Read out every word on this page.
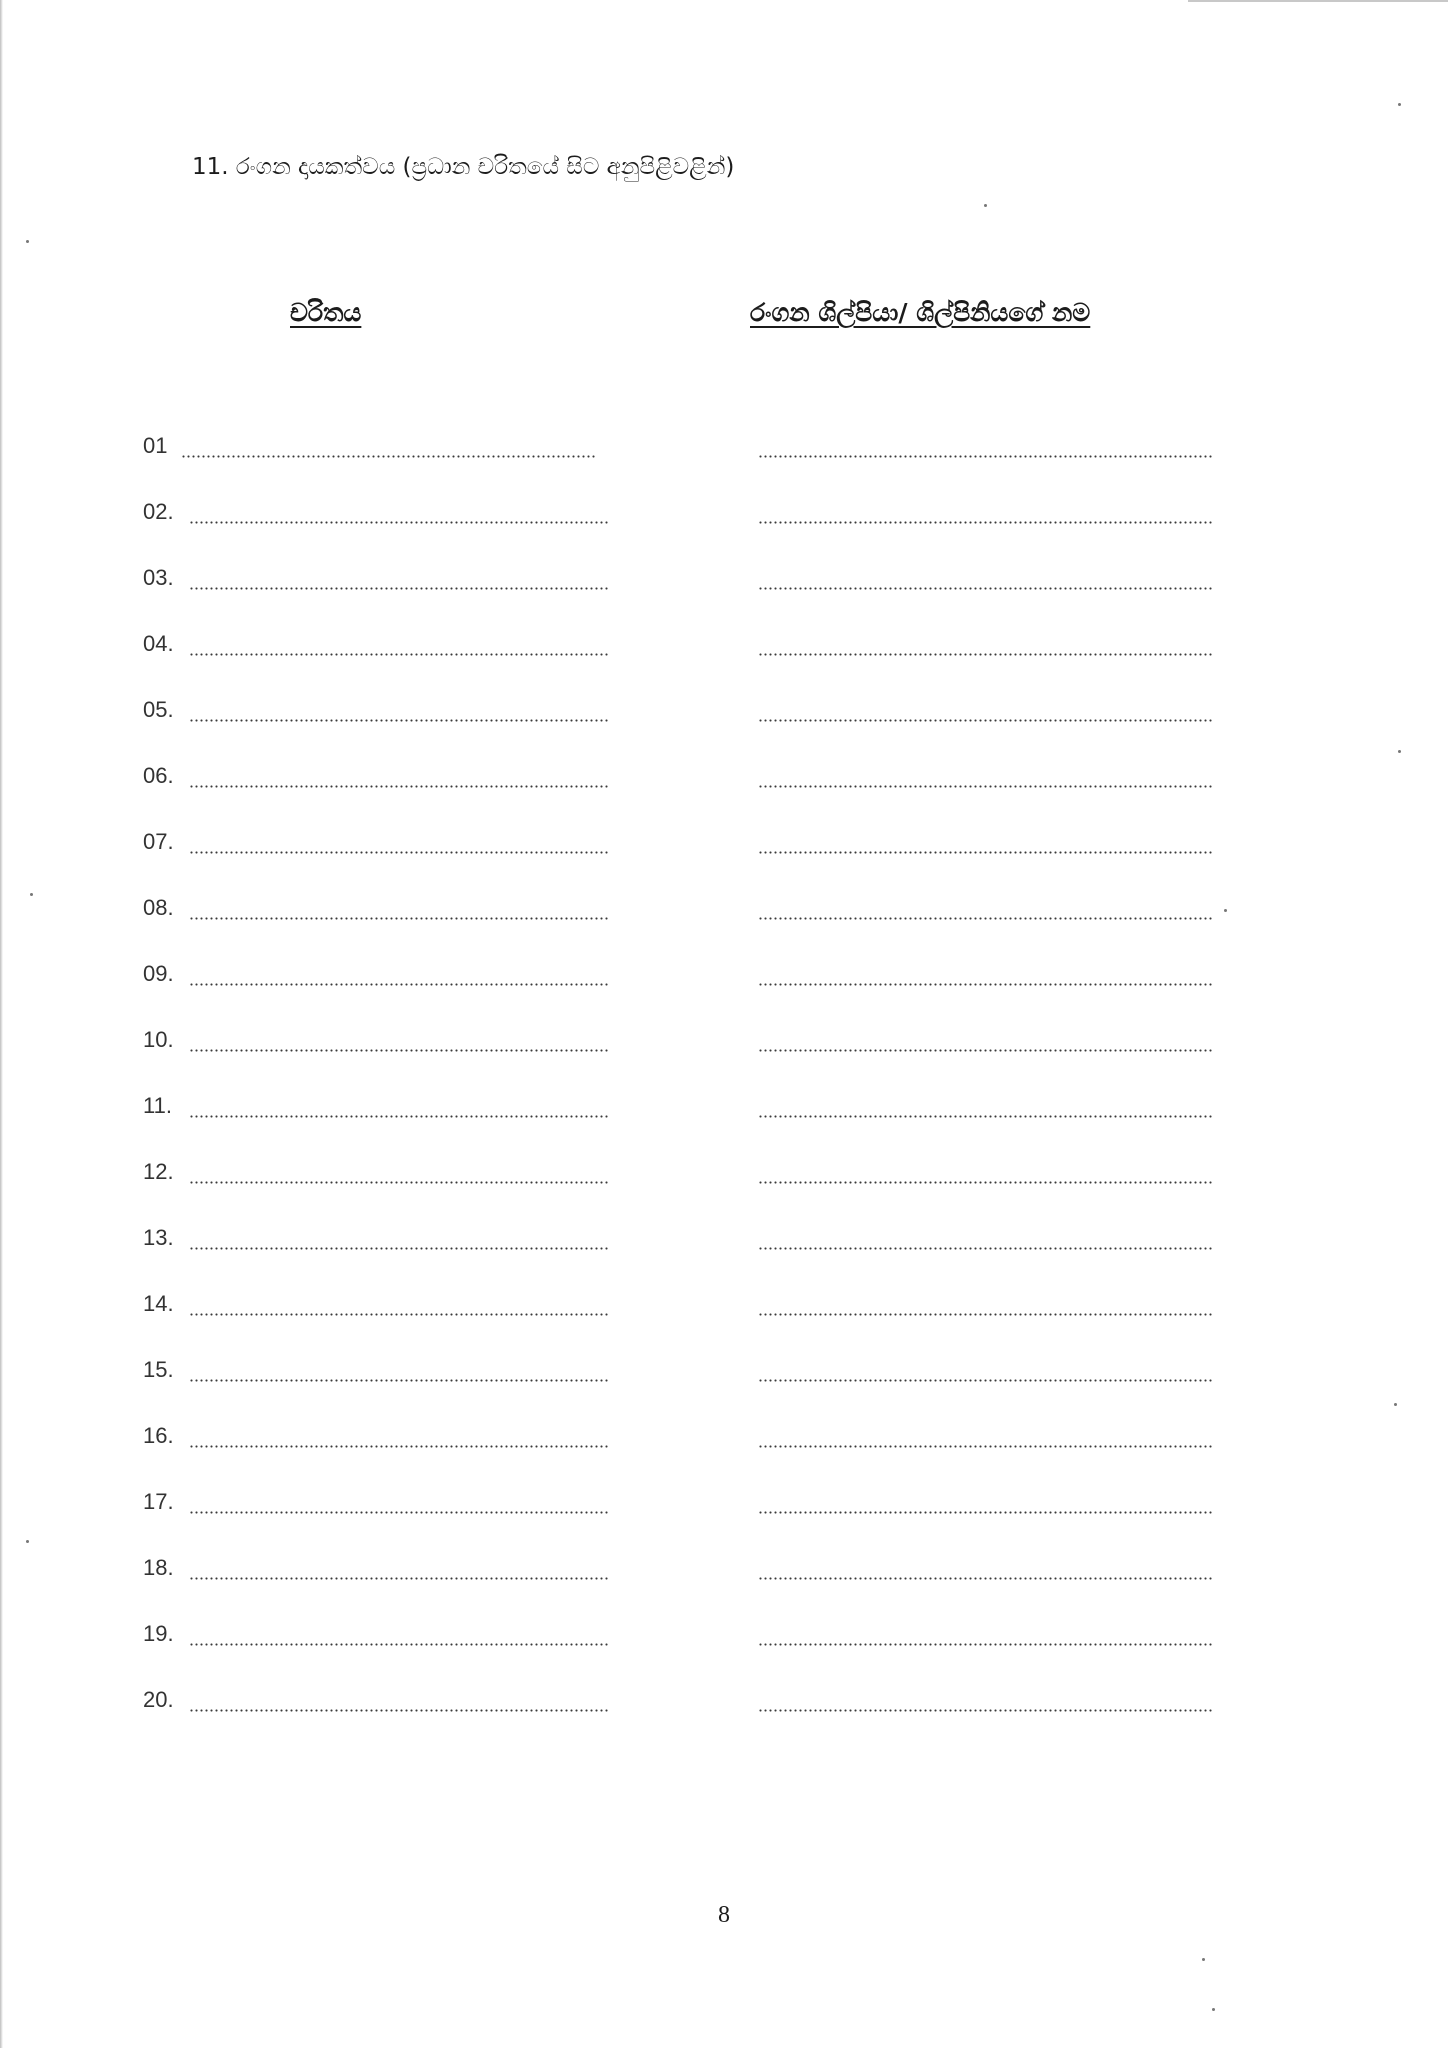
11. රංගන දායකත්වය (ප්‍රධාන චරිතයේ සිට අනුපිළිවළින්)
චරිතය	රංගන ශිල්පියා/ ශිල්පිනියගේ නම
01
02.
03.
04.
05.
06.
07.
08.
09.
10.
11.
12.
13.
14.
15.
16.
17.
18.
19.
20.
8
